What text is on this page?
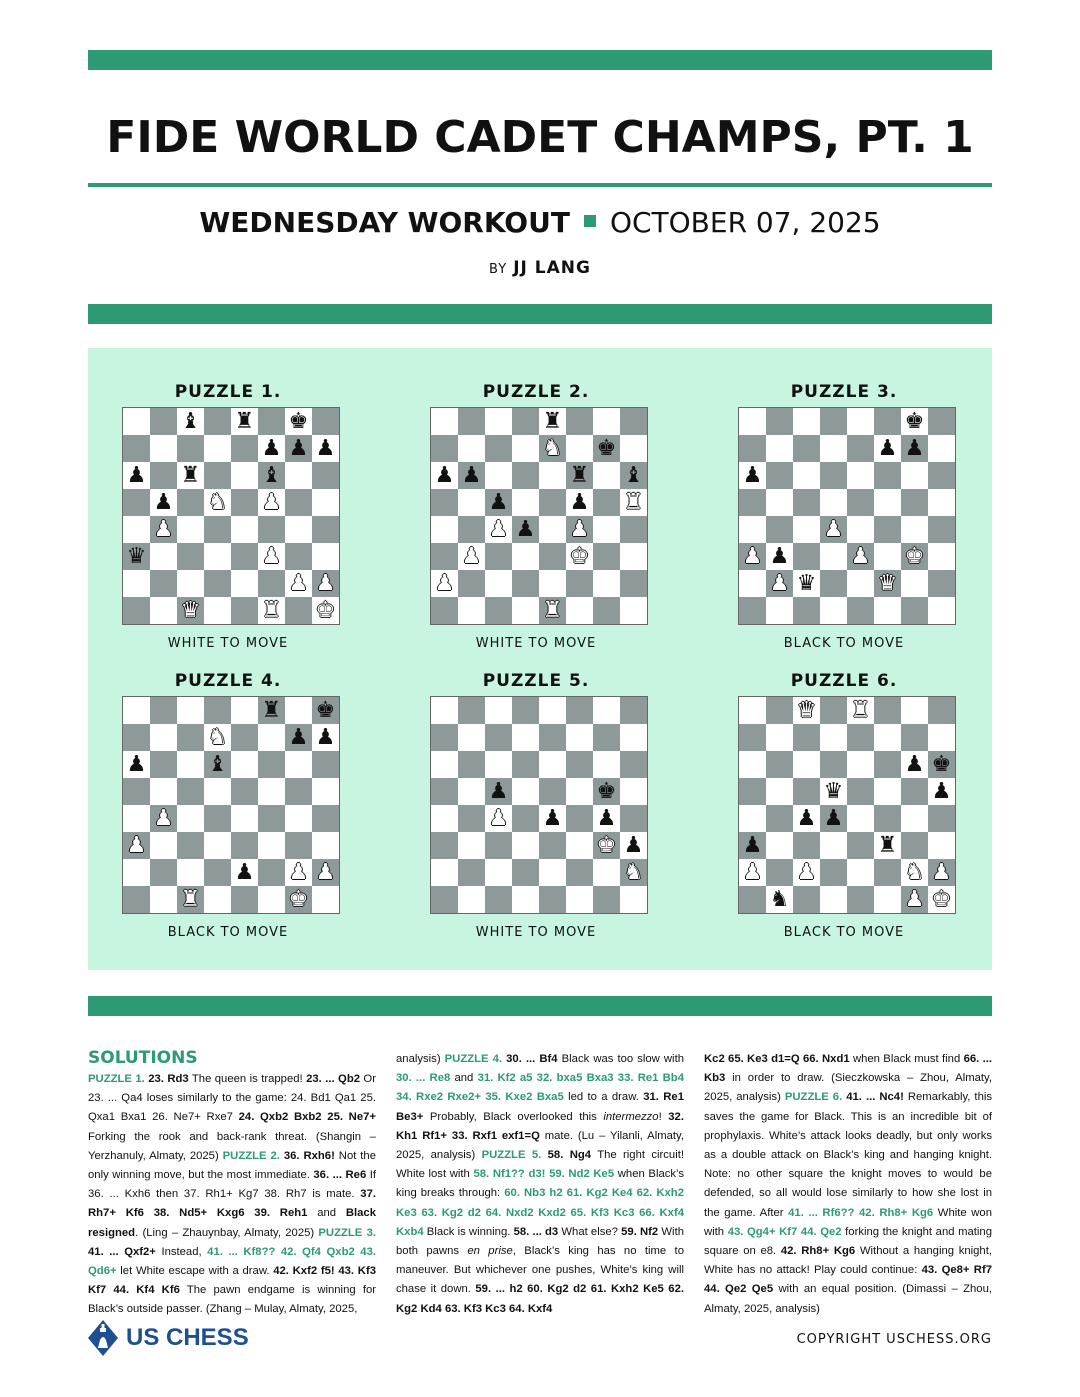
FIDE WORLD CADET CHAMPS, PT. 1
WEDNESDAY WORKOUT OCTOBER 07, 2025
BY JJ LANG
PUZZLE 1.
♝ ♜ ♚
♟ ♟ ♟
♟ ♜	♝
♟ ♞ ♟
♟
♛	♟
♟ ♟
♛	♜ ♚
WHITE TO MOVE
PUZZLE 2.
♜
♞ ♚
♟ ♟	♜ ♝
♟	♟ ♜
♟ ♟ ♟
♟	♚
♟
♜
WHITE TO MOVE
PUZZLE 3.
♚
♟ ♟
♟
♟
♟ ♟	♟ ♚
♟ ♛	♛
BLACK TO MOVE
PUZZLE 4.
♜ ♚
♞	♟ ♟
♟	♝
♟
♟
♟ ♟ ♟
♜	♚
BLACK TO MOVE
PUZZLE 5.
♟	♚
♟ ♟ ♟
♚ ♟
♞
WHITE TO MOVE
PUZZLE 6.
♛ ♜
♟ ♚
♛	♟
♟ ♟
♟	♜
♟ ♟	♞ ♟
♞	♟ ♚
BLACK TO MOVE
SOLUTIONS
PUZZLE 1. 23. Rd3 The queen is trapped! 23. ... Qb2 Or 23. ... Qa4 loses similarly to the game: 24. Bd1 Qa1 25. Qxa1 Bxa1 26. Ne7+ Rxe7 24. Qxb2 Bxb2 25. Ne7+ Forking the rook and back-rank threat. (Shangin – Yerzhanuly, Almaty, 2025) PUZZLE 2. 36. Rxh6! Not the only winning move, but the most immediate. 36. ... Re6 If 36. ... Kxh6 then 37. Rh1+ Kg7 38. Rh7 is mate. 37. Rh7+ Kf6 38. Nd5+ Kxg6 39. Reh1 and Black resigned. (Ling – Zhauynbay, Almaty, 2025) PUZZLE 3. 41. ... Qxf2+ Instead, 41. ... Kf8?? 42. Qf4 Qxb2 43. Qd6+ let White escape with a draw. 42. Kxf2 f5! 43. Kf3 Kf7 44. Kf4 Kf6 The pawn endgame is winning for Black’s outside passer. (Zhang – Mulay, Almaty, 2025,
analysis) PUZZLE 4. 30. ... Bf4 Black was too slow with 30. ... Re8 and 31. Kf2 a5 32. bxa5 Bxa3 33. Re1 Bb4 34. Rxe2 Rxe2+ 35. Kxe2 Bxa5 led to a draw. 31. Re1 Be3+ Probably, Black overlooked this intermezzo! 32. Kh1 Rf1+ 33. Rxf1 exf1=Q mate. (Lu – Yilanli, Almaty, 2025, analysis) PUZZLE 5. 58. Ng4 The right circuit! White lost with 58. Nf1?? d3! 59. Nd2 Ke5 when Black’s king breaks through: 60. Nb3 h2 61. Kg2 Ke4 62. Kxh2 Ke3 63. Kg2 d2 64. Nxd2 Kxd2 65. Kf3 Kc3 66. Kxf4 Kxb4 Black is winning. 58. ... d3 What else? 59. Nf2 With both pawns en prise, Black’s king has no time to maneuver. But whichever one pushes, White’s king will chase it down. 59. ... h2 60. Kg2 d2 61. Kxh2 Ke5 62. Kg2 Kd4 63. Kf3 Kc3 64. Kxf4
Kc2 65. Ke3 d1=Q 66. Nxd1 when Black must find 66. ... Kb3 in order to draw. (Sieczkowska – Zhou, Almaty, 2025, analysis) PUZZLE 6. 41. ... Nc4! Remarkably, this saves the game for Black. This is an incredible bit of prophylaxis. White’s attack looks deadly, but only works as a double attack on Black’s king and hanging knight. Note: no other square the knight moves to would be defended, so all would lose similarly to how she lost in the game. After 41. ... Rf6?? 42. Rh8+ Kg6 White won with 43. Qg4+ Kf7 44. Qe2 forking the knight and mating square on e8. 42. Rh8+ Kg6 Without a hanging knight, White has no attack! Play could continue: 43. Qe8+ Rf7 44. Qe2 Qe5 with an equal position. (Dimassi – Zhou, Almaty, 2025, analysis)
US CHESS	COPYRIGHT USCHESS.ORG
